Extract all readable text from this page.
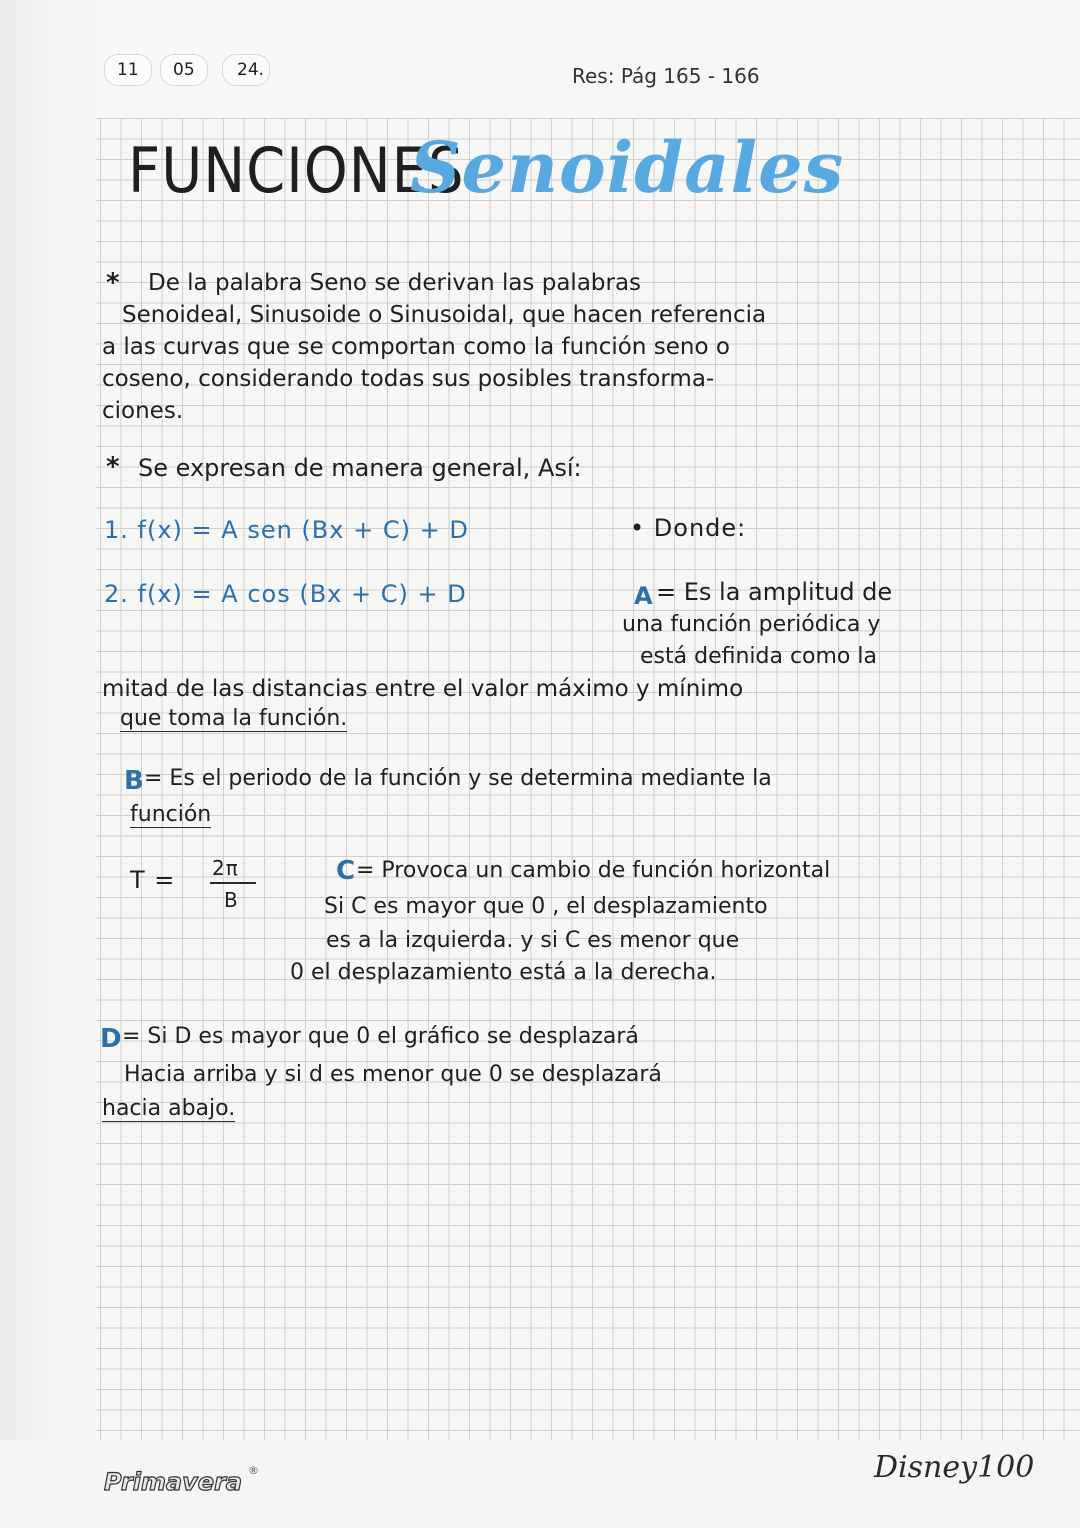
11 05 24.	Res: Pág 165 - 166
FUNCIONES
Senoidales
* De la palabra Seno se derivan las palabras
Senoideal, Sinusoide o Sinusoidal, que hacen referencia
a las curvas que se comportan como la función seno o
coseno, considerando todas sus posibles transforma-
ciones.
* Se expresan de manera general, Así:
1. f(x) = A sen (Bx + C) + D	• Donde:
2. f(x) = A cos (Bx + C) + D	A = Es la amplitud de
una función periódica y
está definida como la
mitad de las distancias entre el valor máximo y mínimo
que toma la función.
B = Es el periodo de la función y se determina mediante la
función
T = 2π
B
C = Provoca un cambio de función horizontal
Si C es mayor que 0 , el desplazamiento
es a la izquierda. y si C es menor que
0 el desplazamiento está a la derecha.
D = Si D es mayor que 0 el gráfico se desplazará
Hacia arriba y si d es menor que 0 se desplazará
hacia abajo.
Primavera ®	Disney100
